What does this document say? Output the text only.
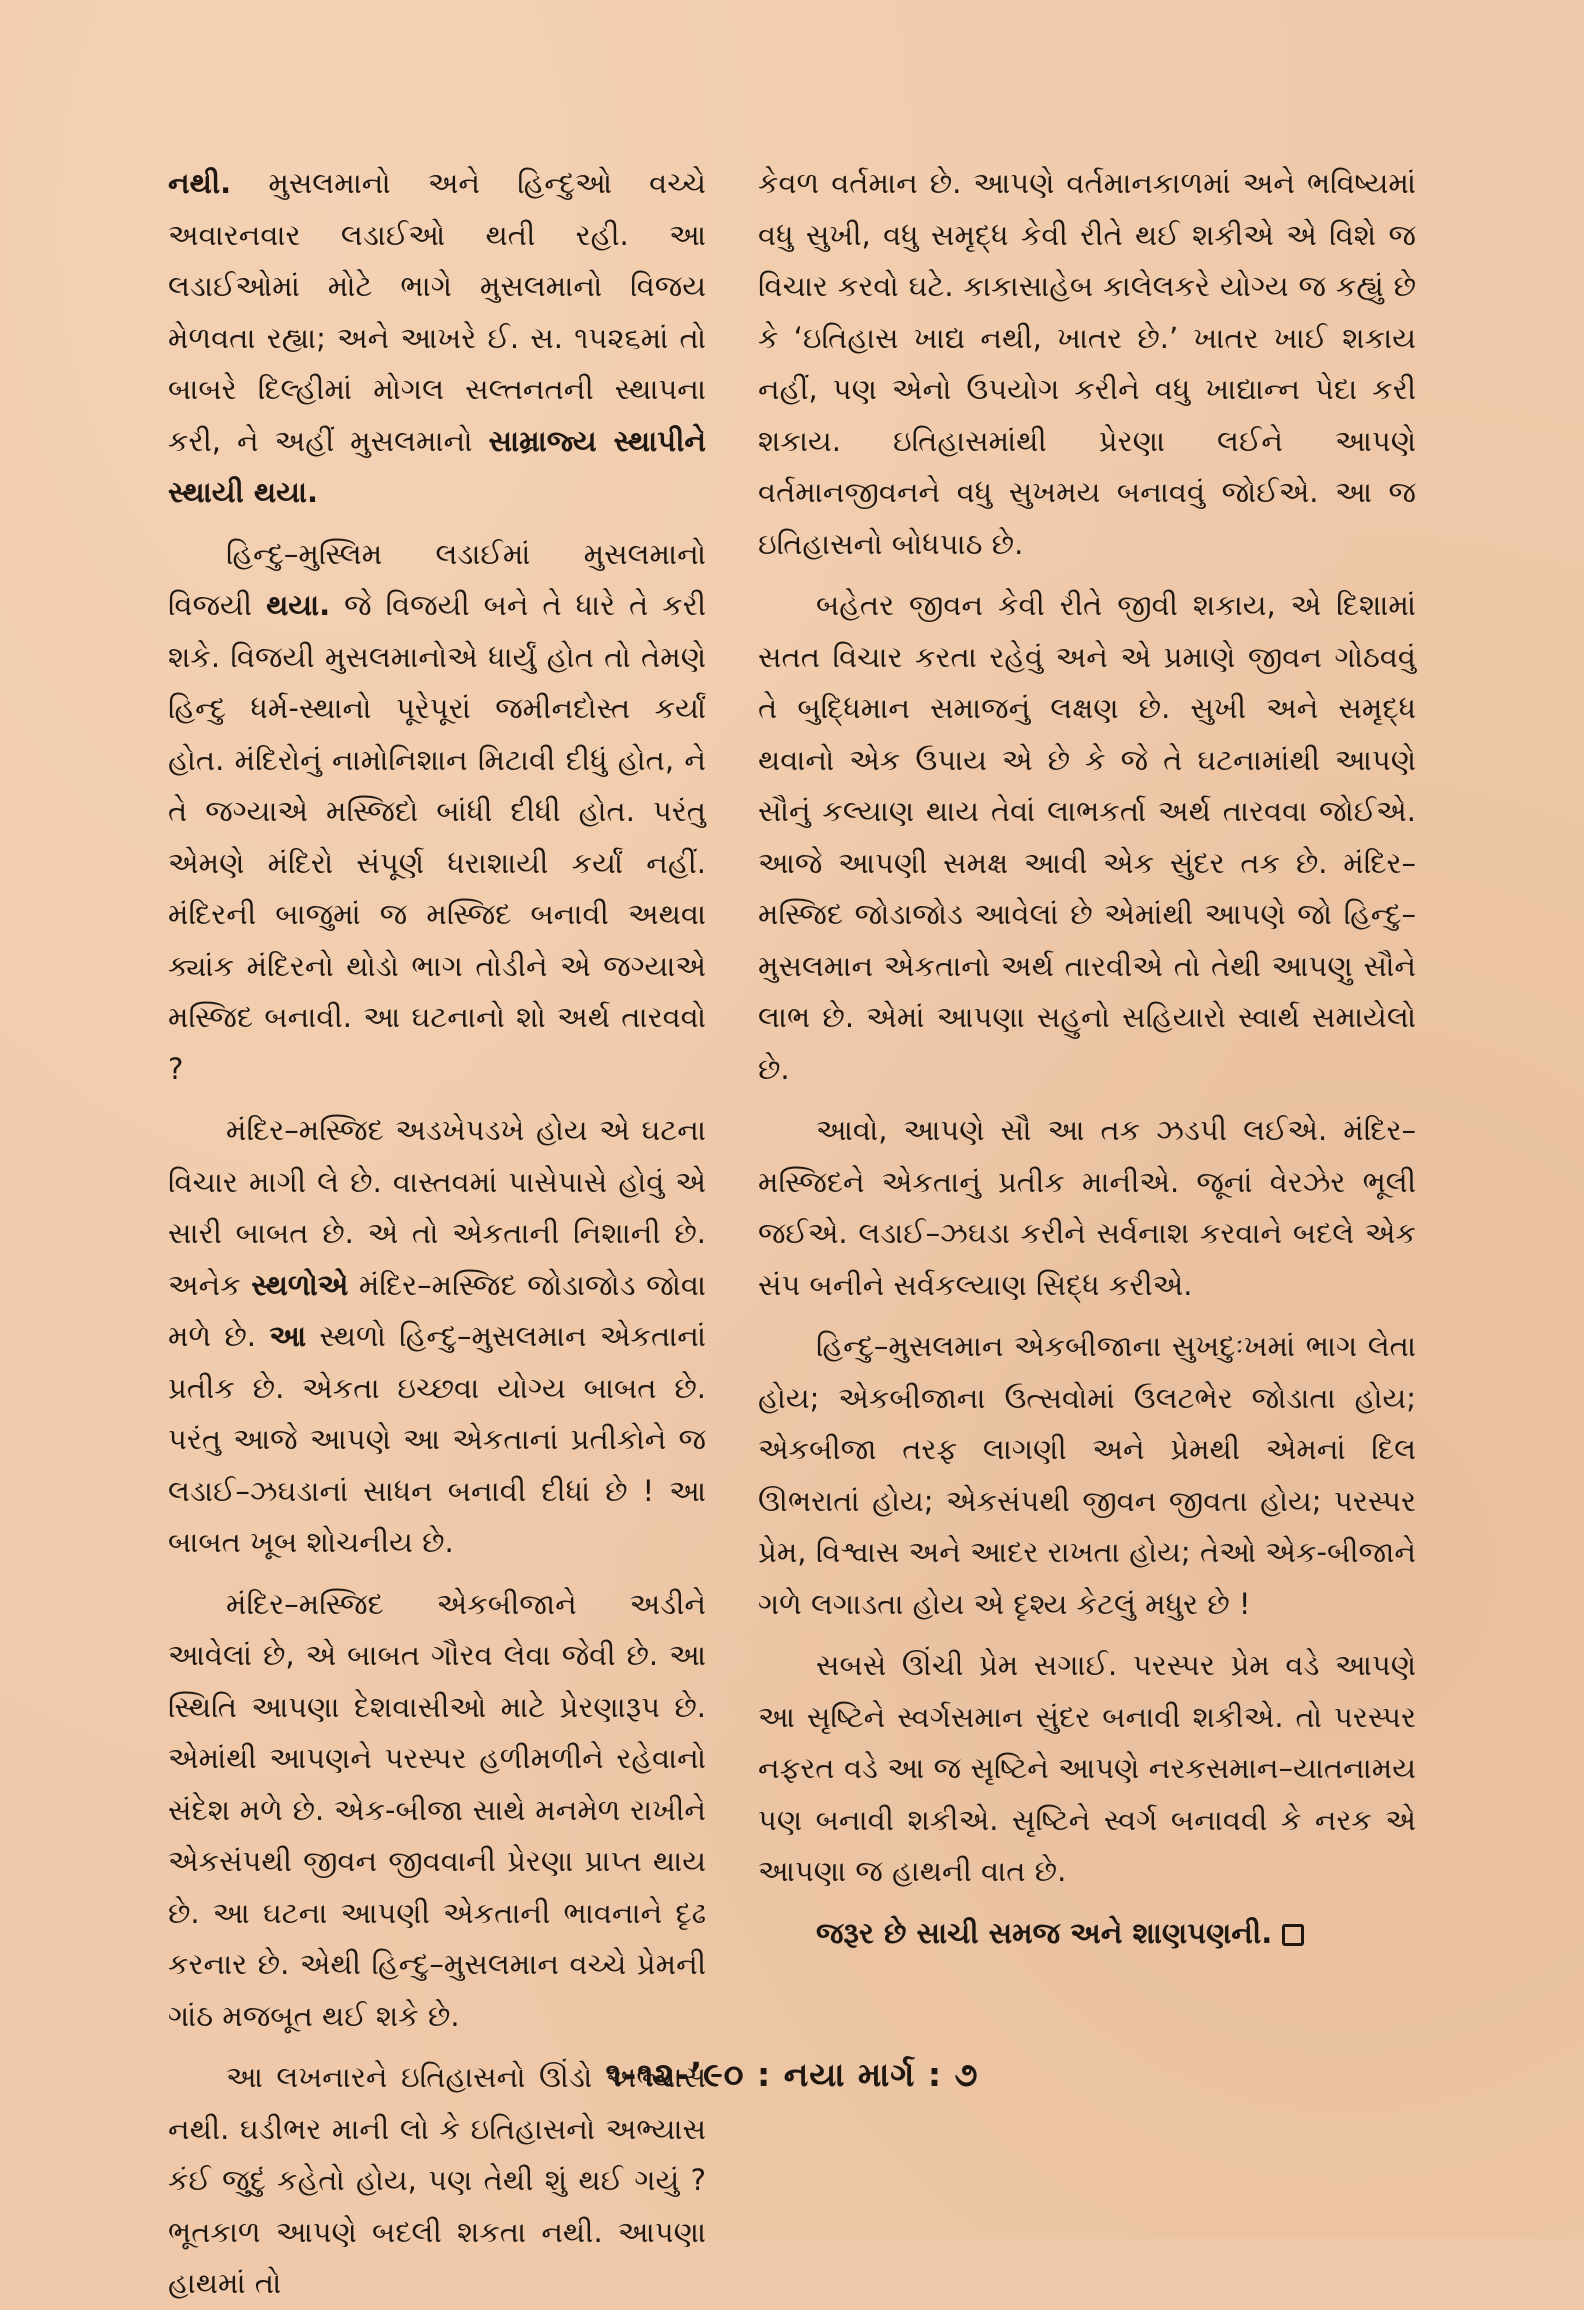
નથી. મુસલમાનો અને હિન્દુઓ વચ્ચે અવારનવાર લડાઈઓ થતી રહી. આ લડાઈઓમાં મોટે ભાગે મુસલમાનો વિજય મેળવતા રહ્યા; અને આખરે ઈ. સ. ૧૫૨૬માં તો બાબરે દિલ્હીમાં મોગલ સલ્તનતની સ્થાપના કરી, ને અહીં મુસલમાનો સામ્રાજ્ય સ્થાપીને સ્થાયી થયા.

હિન્દુ–મુસ્લિમ લડાઈમાં મુસલમાનો વિજયી થયા. જે વિજયી બને તે ધારે તે કરી શકે. વિજયી મુસલમાનોએ ધાર્યું હોત તો તેમણે હિન્દુ ધર્મ-સ્થાનો પૂરેપૂરાં જમીનદોસ્ત કર્યાં હોત. મંદિરોનું નામોનિશાન મિટાવી દીધું હોત, ને તે જગ્યાએ મસ્જિદો બાંધી દીધી હોત. પરંતુ એમણે મંદિરો સંપૂર્ણ ધરાશાયી કર્યાં નહીં. મંદિરની બાજુમાં જ મસ્જિદ બનાવી અથવા ક્યાંક મંદિરનો થોડો ભાગ તોડીને એ જગ્યાએ મસ્જિદ બનાવી. આ ઘટનાનો શો અર્થ તારવવો ?

મંદિર–મસ્જિદ અડખેપડખે હોય એ ઘટના વિચાર માગી લે છે. વાસ્તવમાં પાસેપાસે હોવું એ સારી બાબત છે. એ તો એકતાની નિશાની છે. અનેક સ્થળોએ મંદિર–મસ્જિદ જોડાજોડ જોવા મળે છે. આ સ્થળો હિન્દુ–મુસલમાન એકતાનાં પ્રતીક છે. એકતા ઇચ્છવા યોગ્ય બાબત છે. પરંતુ આજે આપણે આ એકતાનાં પ્રતીકોને જ લડાઈ–ઝઘડાનાં સાધન બનાવી દીધાં છે ! આ બાબત ખૂબ શોચનીય છે.

મંદિર–મસ્જિદ એકબીજાને અડીને આવેલાં છે, એ બાબત ગૌરવ લેવા જેવી છે. આ સ્થિતિ આપણા દેશવાસીઓ માટે પ્રેરણારૂપ છે. એમાંથી આપણને પરસ્પર હળીમળીને રહેવાનો સંદેશ મળે છે. એક-બીજા સાથે મનમેળ રાખીને એકસંપથી જીવન જીવવાની પ્રેરણા પ્રાપ્ત થાય છે. આ ઘટના આપણી એકતાની ભાવનાને દૃઢ કરનાર છે. એથી હિન્દુ–મુસલમાન વચ્ચે પ્રેમની ગાંઠ મજબૂત થઈ શકે છે.

આ લખનારને ઇતિહાસનો ઊંડો અભ્યાસ નથી. ઘડીભર માની લો કે ઇતિહાસનો અભ્યાસ કંઈ જુદું કહેતો હોય, પણ તેથી શું થઈ ગયું ? ભૂતકાળ આપણે બદલી શકતા નથી. આપણા હાથમાં તો

કેવળ વર્તમાન છે. આપણે વર્તમાનકાળમાં અને ભવિષ્યમાં વધુ સુખી, વધુ સમૃદ્ધ કેવી રીતે થઈ શકીએ એ વિશે જ વિચાર કરવો ઘટે. કાકાસાહેબ કાલેલકરે યોગ્ય જ કહ્યું છે કે ‘ઇતિહાસ ખાદ્ય નથી, ખાતર છે.’ ખાતર ખાઈ શકાય નહીં, પણ એનો ઉપયોગ કરીને વધુ ખાદ્યાન્ન પેદા કરી શકાય. ઇતિહાસમાંથી પ્રેરણા લઈને આપણે વર્તમાનજીવનને વધુ સુખમય બનાવવું જોઈએ. આ જ ઇતિહાસનો બોધપાઠ છે.

બહેતર જીવન કેવી રીતે જીવી શકાય, એ દિશામાં સતત વિચાર કરતા રહેવું અને એ પ્રમાણે જીવન ગોઠવવું તે બુદ્ધિમાન સમાજનું લક્ષણ છે. સુખી અને સમૃદ્ધ થવાનો એક ઉપાય એ છે કે જે તે ઘટનામાંથી આપણે સૌનું કલ્યાણ થાય તેવાં લાભકર્તા અર્થ તારવવા જોઈએ. આજે આપણી સમક્ષ આવી એક સુંદર તક છે. મંદિર–મસ્જિદ જોડાજોડ આવેલાં છે એમાંથી આપણે જો હિન્દુ–મુસલમાન એકતાનો અર્થ તારવીએ તો તેથી આપણુ સૌને લાભ છે. એમાં આપણા સહુનો સહિયારો સ્વાર્થ સમાયેલો છે.

આવો, આપણે સૌ આ તક ઝડપી લઈએ. મંદિર–મસ્જિદને એકતાનું પ્રતીક માનીએ. જૂનાં વેરઝેર ભૂલી જઈએ. લડાઈ–ઝઘડા કરીને સર્વનાશ કરવાને બદલે એક સંપ બનીને સર્વકલ્યાણ સિદ્ધ કરીએ.

હિન્દુ–મુસલમાન એકબીજાના સુખદુઃખમાં ભાગ લેતા હોય; એકબીજાના ઉત્સવોમાં ઉલટભેર જોડાતા હોય; એકબીજા તરફ લાગણી અને પ્રેમથી એમનાં દિલ ઊભરાતાં હોય; એકસંપથી જીવન જીવતા હોય; પરસ્પર પ્રેમ, વિશ્વાસ અને આદર રાખતા હોય; તેઓ એક-બીજાને ગળે લગાડતા હોય એ દૃશ્ય કેટલું મધુર છે !

સબસે ઊંચી પ્રેમ સગાઈ. પરસ્પર પ્રેમ વડે આપણે આ સૃષ્ટિને સ્વર્ગસમાન સુંદર બનાવી શકીએ. તો પરસ્પર નફરત વડે આ જ સૃષ્ટિને આપણે નરકસમાન–યાતનામય પણ બનાવી શકીએ. સૃષ્ટિને સ્વર્ગ બનાવવી કે નરક એ આપણા જ હાથની વાત છે.

જરૂર છે સાચી સમજ અને શાણપણની.

૧-૧૨-’૯૦ : નયા માર્ગ : ૭
